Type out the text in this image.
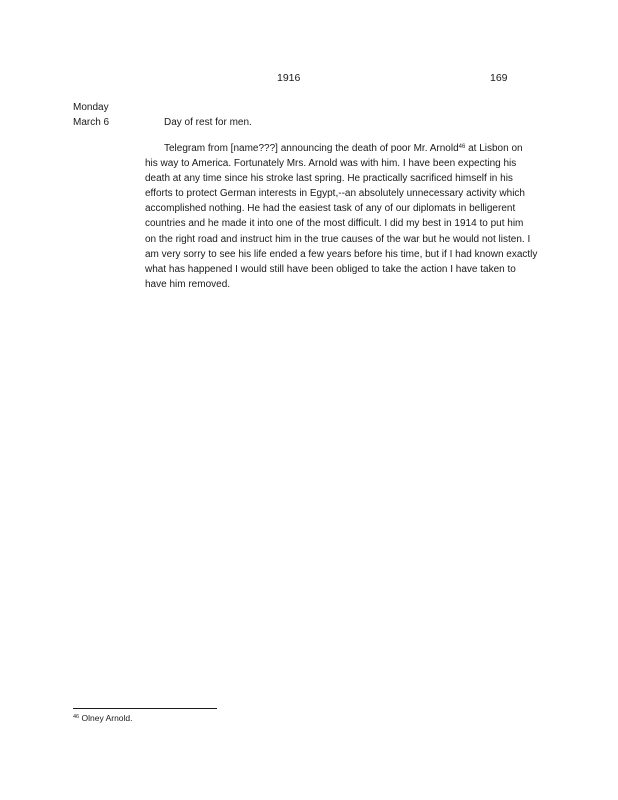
1916	169
Monday
March 6	Day of rest for men.
Telegram from [name???] announcing the death of poor Mr. Arnold$^{46}$ at Lisbon on
his way to America. Fortunately Mrs. Arnold was with him. I have been expecting his
death at any time since his stroke last spring. He practically sacrificed himself in his
efforts to protect German interests in Egypt,--an absolutely unnecessary activity which
accomplished nothing. He had the easiest task of any of our diplomats in belligerent
countries and he made it into one of the most difficult. I did my best in 1914 to put him
on the right road and instruct him in the true causes of the war but he would not listen. I
am very sorry to see his life ended a few years before his time, but if I had known exactly
what has happened I would still have been obliged to take the action I have taken to
have him removed.
$^{46}$ Olney Arnold.
